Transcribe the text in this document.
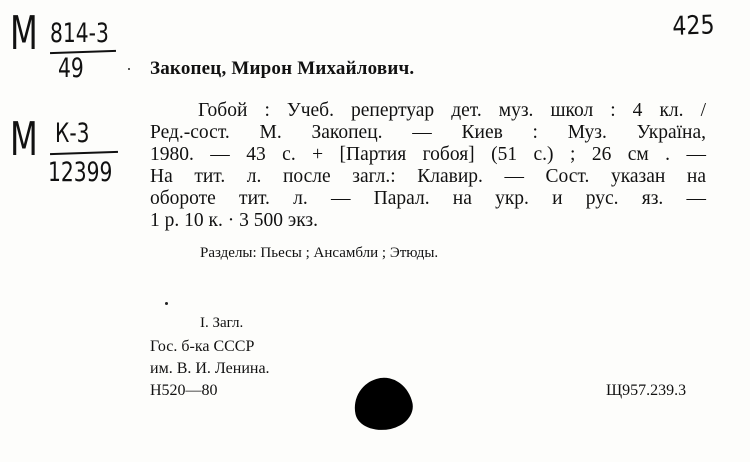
M 814-3
49
M К-3
12399
425
Закопец, Мирон Михайлович.
Гобой : Учеб. репертуар дет. муз. школ : 4 кл. /
Ред.-сост. М. Закопец. — Киев : Муз. Україна,
1980. — 43 с. + [Партия гобоя] (51 с.) ; 26 см . —
На тит. л. после загл.: Клавир. — Сост. указан на
обороте тит. л. — Парал. на укр. и рус. яз. —
1 р. 10 к. · 3 500 экз.
Разделы: Пьесы ; Ансамбли ; Этюды.
I. Загл.
Гос. б-ка СССР
им. В. И. Ленина.
Н520—80	Щ957.239.3
